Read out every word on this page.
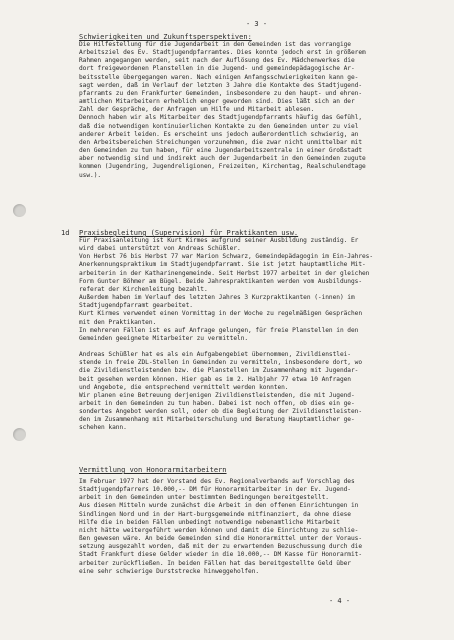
- 3 -
Schwierigkeiten und Zukunftsperspektiven:
Die Hilfestellung für die Jugendarbeit in den Gemeinden ist das vorrangige
Arbeitsziel des Ev. Stadtjugendpfarramtes. Dies konnte jedoch erst in größerem
Rahmen angegangen werden, seit nach der Auflösung des Ev. Mädchenwerkes die
dort freigewordenen Planstellen in die Jugend- und gemeindepädagogische Ar-
beitsstelle übergegangen waren. Nach einigen Anfangsschwierigkeiten kann ge-
sagt werden, daß im Verlauf der letzten 3 Jahre die Kontakte des Stadtjugend-
pfarramts zu den Frankfurter Gemeinden, insbesondere zu den haupt- und ehren-
amtlichen Mitarbeitern erheblich enger geworden sind. Dies läßt sich an der
Zahl der Gespräche, der Anfragen um Hilfe und Mitarbeit ablesen.
Dennoch haben wir als Mitarbeiter des Stadtjugendpfarramts häufig das Gefühl,
daß die notwendigen kontinuierlichen Kontakte zu den Gemeinden unter zu viel
anderer Arbeit leiden. Es erscheint uns jedoch außerordentlich schwierig, an
den Arbeitsbereichen Streichungen vorzunehmen, die zwar nicht unmittelbar mit
den Gemeinden zu tun haben, für eine Jugendarbeitszentrale in einer Großstadt
aber notwendig sind und indirekt auch der Jugendarbeit in den Gemeinden zugute
kommen (Jugendring, Jugendreligionen, Freizeiten, Kirchentag, Realschulendtage
usw.).
1d Praxisbegleitung (Supervision) für Praktikanten usw.
Für Praxisanleitung ist Kurt Kirmes aufgrund seiner Ausbildung zuständig. Er
wird dabei unterstützt von Andreas Schüßler.
Von Herbst 76 bis Herbst 77 war Marion Schwarz, Gemeindepädagogin im Ein-Jahres-
Anerkennungspraktikum im Stadtjugendpfarramt. Sie ist jetzt hauptamtliche Mit-
arbeiterin in der Katharinengemeinde. Seit Herbst 1977 arbeitet in der gleichen
Form Gunter Böhmer am Bügel. Beide Jahrespraktikanten werden vom Ausbildungs-
referat der Kirchenleitung bezahlt.
Außerdem haben im Verlauf des letzten Jahres 3 Kurzpraktikanten (-innen) im
Stadtjugendpfarramt gearbeitet.
Kurt Kirmes verwendet einen Vormittag in der Woche zu regelmäßigen Gesprächen
mit den Praktikanten.
In mehreren Fällen ist es auf Anfrage gelungen, für freie Planstellen in den
Gemeinden geeignete Mitarbeiter zu vermitteln.
Andreas Schüßler hat es als ein Aufgabengebiet übernommen, Zivildienstlei-
stende in freie ZDL-Stellen in Gemeinden zu vermitteln, insbesondere dort, wo
die Zivildienstleistenden bzw. die Planstellen im Zusammenhang mit Jugendar-
beit gesehen werden können. Hier gab es im 2. Halbjahr 77 etwa 10 Anfragen
und Angebote, die entsprechend vermittelt werden konnten.
Wir planen eine Betreuung derjenigen Zivildienstleistenden, die mit Jugend-
arbeit in den Gemeinden zu tun haben. Dabei ist noch offen, ob dies ein ge-
sondertes Angebot werden soll, oder ob die Begleitung der Zivildienstleisten-
den im Zusammenhang mit Mitarbeiterschulung und Beratung Hauptamtlicher ge-
schehen kann.
Vermittlung von Honorarmitarbeitern
Im Februar 1977 hat der Vorstand des Ev. Regionalverbands auf Vorschlag des
Stadtjugendpfarrers 10.000,-- DM für Honorarmitarbeiter in der Ev. Jugend-
arbeit in den Gemeinden unter bestimmten Bedingungen bereitgestellt.
Aus diesen Mitteln wurde zunächst die Arbeit in den offenen Einrichtungen in
Sindlingen Nord und in der Hart-burgsgemeinde mitfinanziert, da ohne diese
Hilfe die in beiden Fällen unbedingt notwendige nebenamtliche Mitarbeit
nicht hätte weitergeführt werden können und damit die Einrichtung zu schlie-
ßen gewesen wäre. An beide Gemeinden sind die Honorarmittel unter der Voraus-
setzung ausgezahlt worden, daß mit der zu erwartenden Bezuschussung durch die
Stadt Frankfurt diese Gelder wieder in die 10.000,-- DM Kasse für Honorarmit-
arbeiter zurückfließen. In beiden Fällen hat das bereitgestellte Geld über
eine sehr schwierige Durststrecke hinweggeholfen.
- 4 -
